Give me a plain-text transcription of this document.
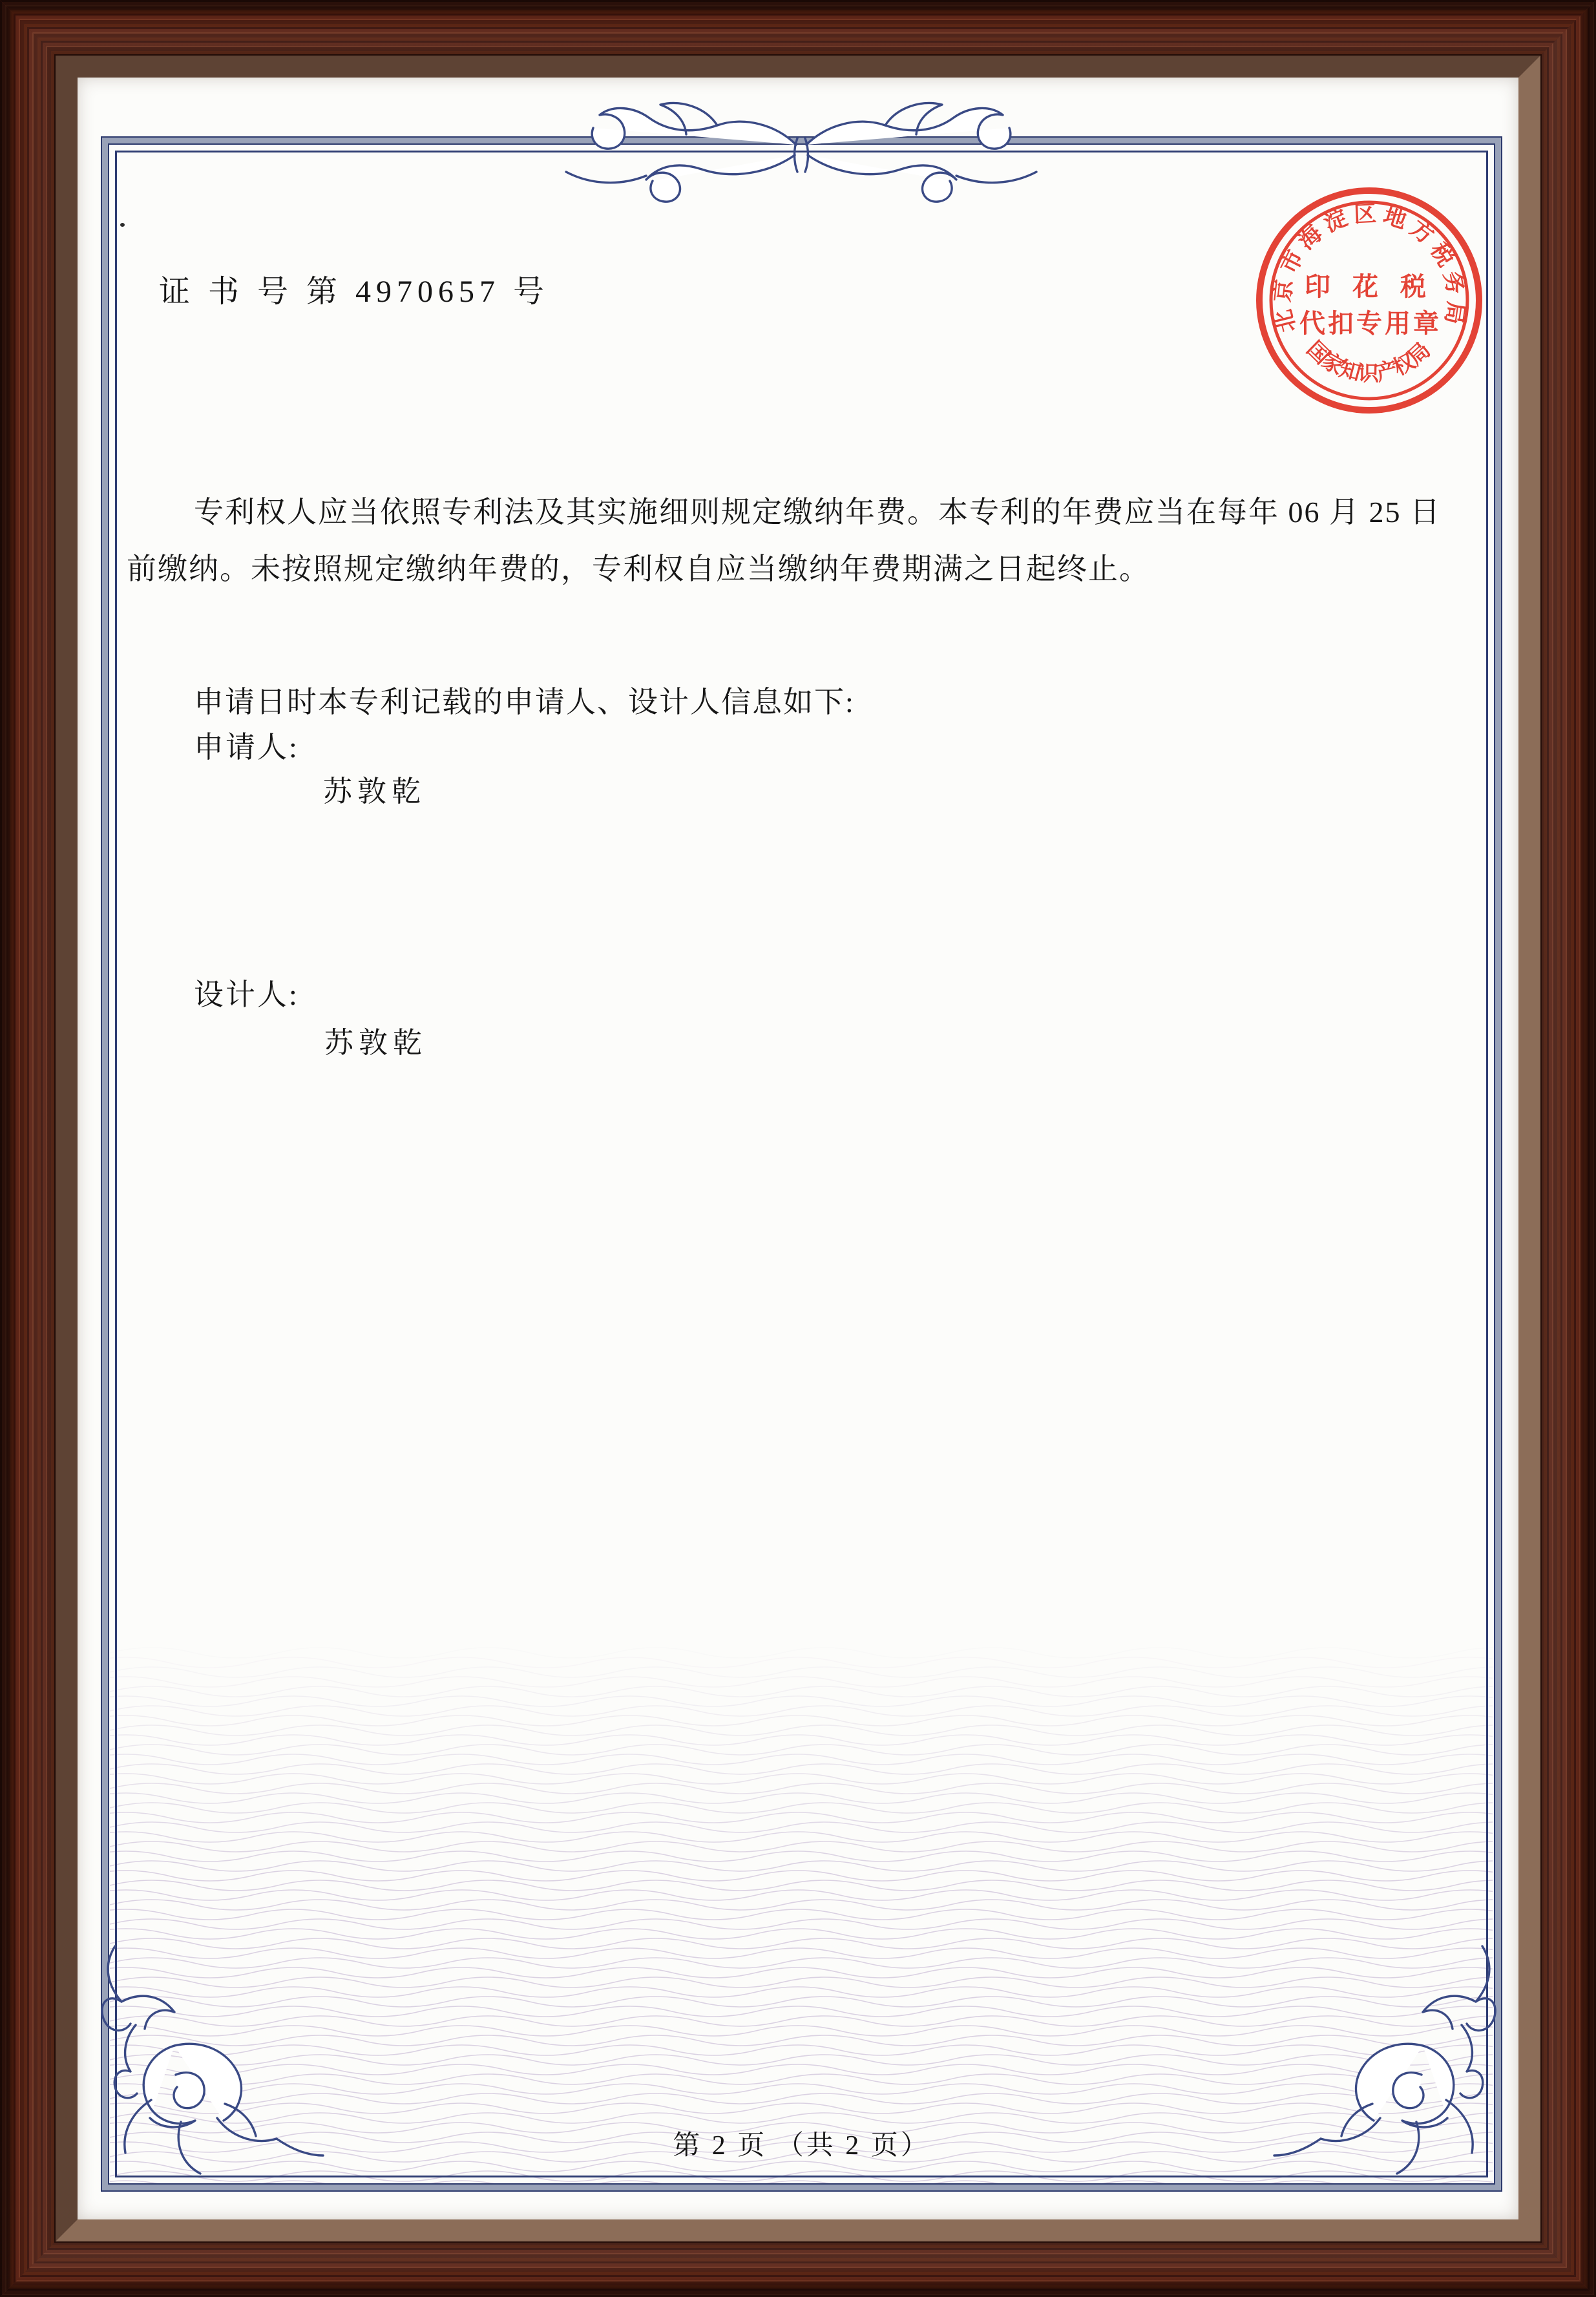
证 书 号 第 4970657 号
专利权人应当依照专利法及其实施细则规定缴纳年费。本专利的年费应当在每年 06 月 25 日
前缴纳。未按照规定缴纳年费的，专利权自应当缴纳年费期满之日起终止。
申请日时本专利记载的申请人、设计人信息如下:
申请人:
苏敦乾
设计人:
苏敦乾
第 2 页 （共 2 页）
北京市海淀区地方税务局
印 花 税
代扣专用章
国家知识产权局
